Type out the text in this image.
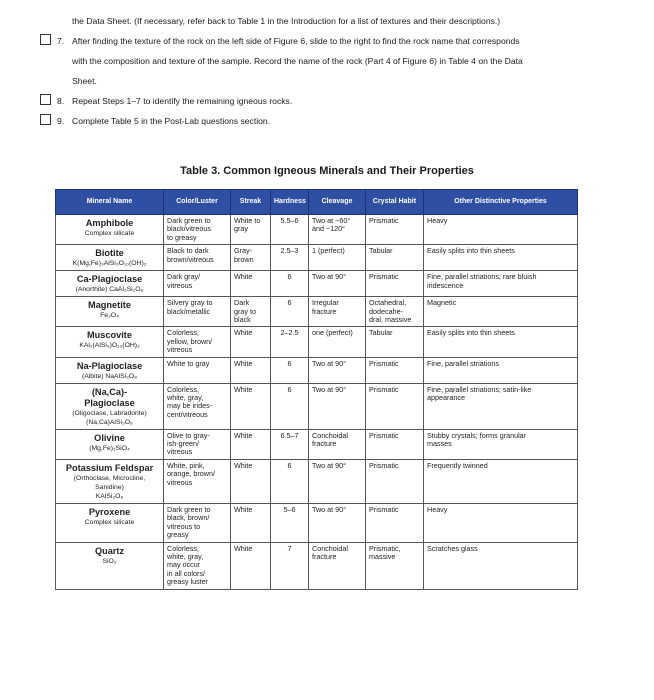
the Data Sheet. (If necessary, refer back to Table 1 in the Introduction for a list of textures and their descriptions.)
7. After finding the texture of the rock on the left side of Figure 6, slide to the right to find the rock name that corresponds
with the composition and texture of the sample. Record the name of the rock (Part 4 of Figure 6) in Table 4 on the Data
Sheet.
8. Repeat Steps 1–7 to identify the remaining igneous rocks.
9. Complete Table 5 in the Post-Lab questions section.
Table 3. Common Igneous Minerals and Their Properties
Mineral Name	Color/Luster	Streak	Hardness	Cleavage	Crystal Habit	Other Distinctive Properties

Amphibole
Complex silicate	Dark green to
black/vitreous
to greasy	White to
gray	5.5–6	Two at ~60°
and ~120°	Prismatic	Heavy

Biotite
K(Mg,Fe)₃AlSi₃O₁₀(OH)₂	Black to dark
brown/vitreous	Gray-
brown	2.5–3	1 (perfect)	Tabular	Easily splits into thin sheets

Ca-Plagioclase
(Anorthite) CaAl₂Si₂O₈	Dark gray/
vitreous	White	6	Two at 90°	Prismatic	Fine, parallel striations; rare bluish
iridescence

Magnetite
Fe₃O₄	Silvery gray to
black/metallic	Dark
gray to
black	6	Irregular
fracture	Octahedral,
dodecahe-
dral, massive	Magnetic

Muscovite
KAl₂(AlSi₃)O₁₀(OH)₂	Colorless,
yellow, brown/
vitreous	White	2–2.5	one (perfect)	Tabular	Easily splits into thin sheets

Na-Plagioclase
(Albite) NaAlSi₃O₈	White to gray	White	6	Two at 90°	Prismatic	Fine, parallel striations

(Na,Ca)-
Plagioclase
(Oligoclase, Labradorite)
(Na,Ca)AlSi₃O₈	Colorless,
white, gray,
may be irides-
cent/vitreous	White	6	Two at 90°	Prismatic	Fine, parallel striations; satin-like
appearance

Olivine
(Mg,Fe)₂SiO₄	Olive to gray-
ish-green/
vitreous	White	6.5–7	Conchoidal
fracture	Prismatic	Stubby crystals; forms granular
masses

Potassium Feldspar
(Orthoclase, Microcline,
Sanidine)
KAlSi₃O₈	White, pink,
orange, brown/
vitreous	White	6	Two at 90°	Prismatic	Frequently twinned

Pyroxene
Complex silicate	Dark green to
black, brown/
vitreous to
greasy	White	5–6	Two at 90°	Prismatic	Heavy

Quartz
SiO₂	Colorless,
white, gray,
may occur
in all colors/
greasy luster	White	7	Conchoidal
fracture	Prismatic,
massive	Scratches glass
